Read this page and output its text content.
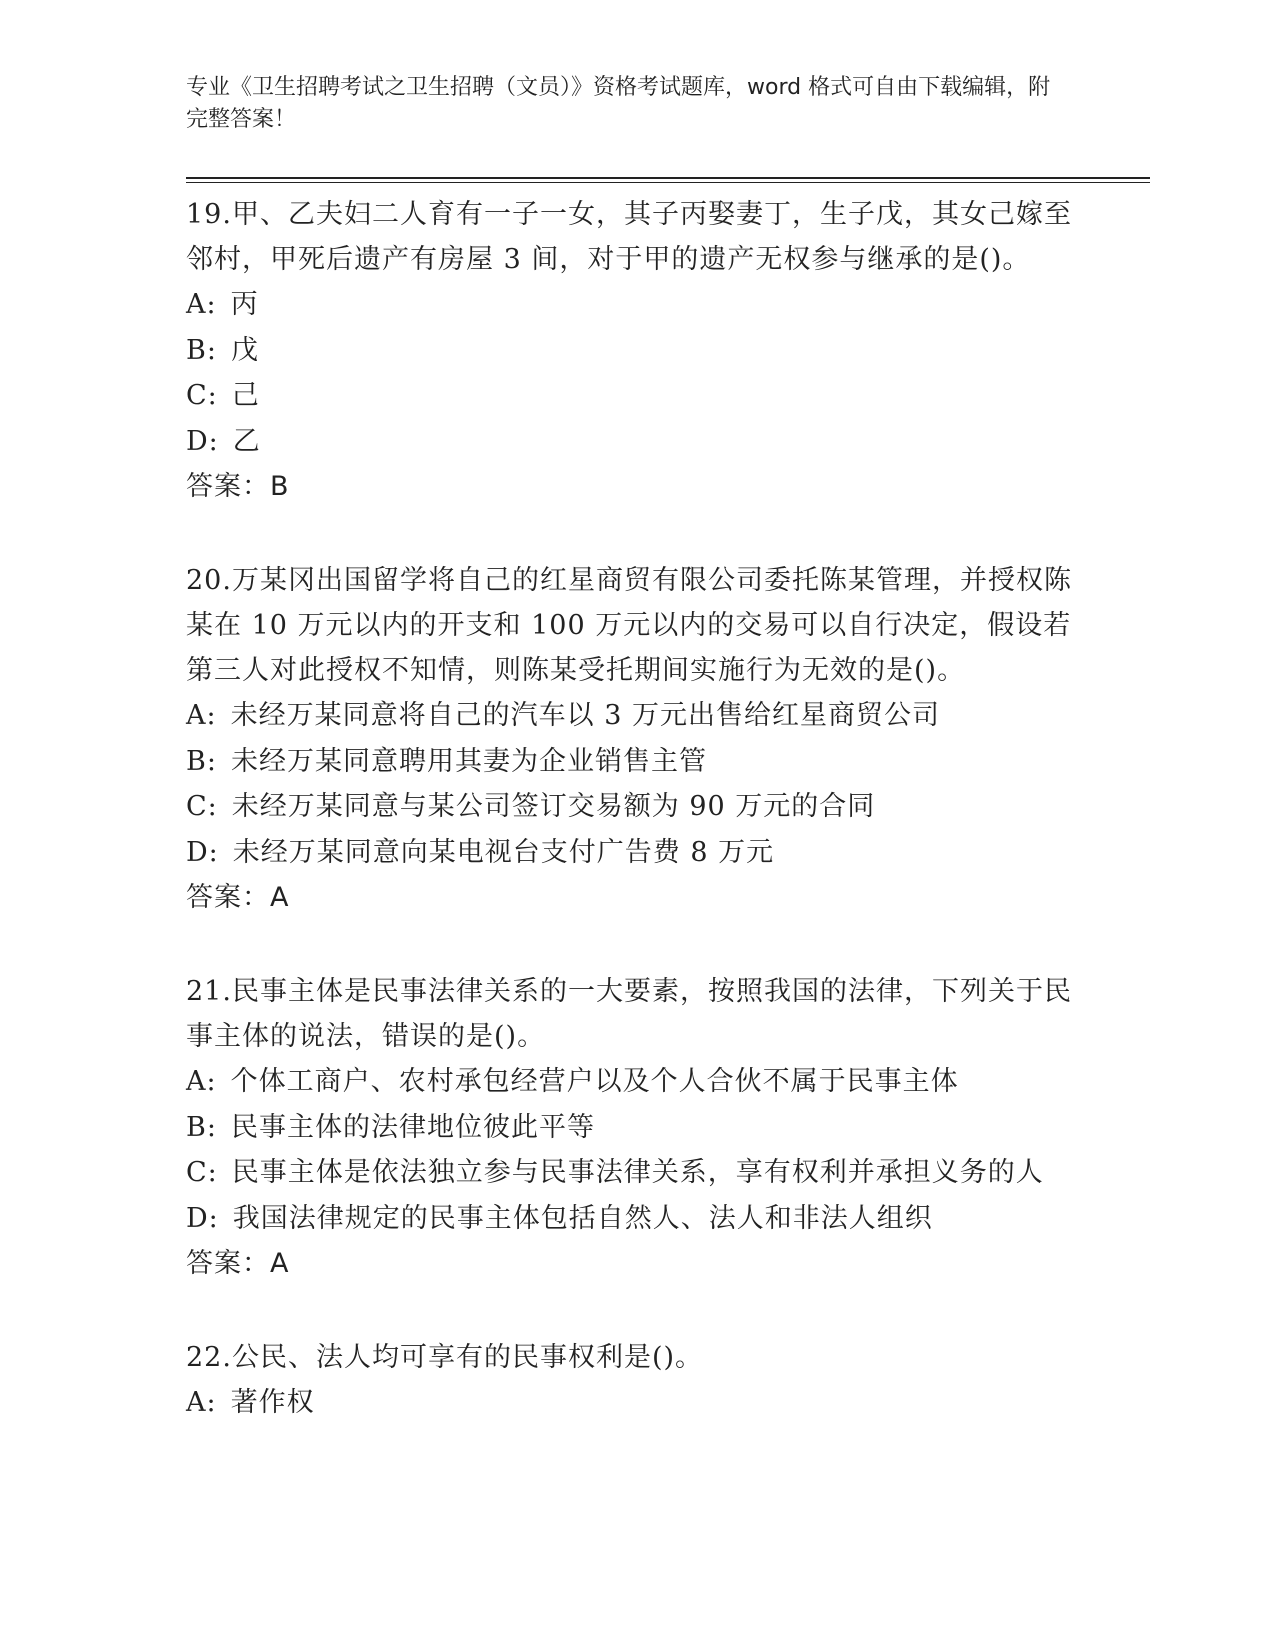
专业《卫生招聘考试之卫生招聘（文员）》资格考试题库，word 格式可自由下载编辑，附完整答案！
19.甲、乙夫妇二人育有一子一女，其子丙娶妻丁，生子戊，其女己嫁至邻村，甲死后遗产有房屋 3 间，对于甲的遗产无权参与继承的是()。
A: 丙
B: 戊
C: 己
D: 乙
答案：B
20.万某冈出国留学将自己的红星商贸有限公司委托陈某管理，并授权陈某在 10 万元以内的开支和 100 万元以内的交易可以自行决定，假设若第三人对此授权不知情，则陈某受托期间实施行为无效的是()。
A: 未经万某同意将自己的汽车以 3 万元出售给红星商贸公司
B: 未经万某同意聘用其妻为企业销售主管
C: 未经万某同意与某公司签订交易额为 90 万元的合同
D: 未经万某同意向某电视台支付广告费 8 万元
答案：A
21.民事主体是民事法律关系的一大要素，按照我国的法律，下列关于民事主体的说法，错误的是()。
A: 个体工商户、农村承包经营户以及个人合伙不属于民事主体
B: 民事主体的法律地位彼此平等
C: 民事主体是依法独立参与民事法律关系，享有权利并承担义务的人
D: 我国法律规定的民事主体包括自然人、法人和非法人组织
答案：A
22.公民、法人均可享有的民事权利是()。
A: 著作权
